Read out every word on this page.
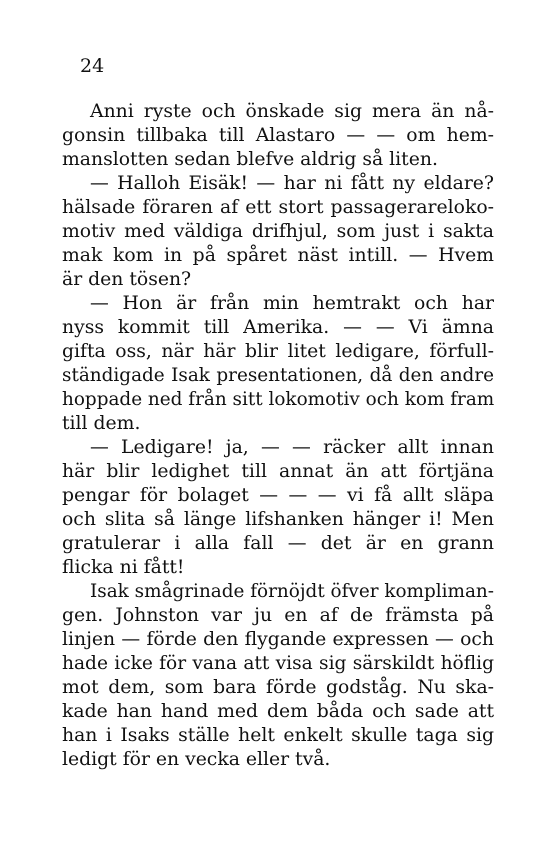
24
Anni ryste och önskade sig mera än nå-
gonsin tillbaka till Alastaro — — om hem-
manslotten sedan blefve aldrig så liten.
— Halloh Eisäk! — har ni fått ny eldare?
hälsade föraren af ett stort passagerareloko-
motiv med väldiga drifhjul, som just i sakta
mak kom in på spåret näst intill. — Hvem
är den tösen?
— Hon är från min hemtrakt och har
nyss kommit till Amerika. — — Vi ämna
gifta oss, när här blir litet ledigare, förfull-
ständigade Isak presentationen, då den andre
hoppade ned från sitt lokomotiv och kom fram
till dem.
— Ledigare! ja, — — räcker allt innan
här blir ledighet till annat än att förtjäna
pengar för bolaget — — — vi få allt släpa
och slita så länge lifshanken hänger i! Men
gratulerar i alla fall — det är en grann
flicka ni fått!
Isak smågrinade förnöjdt öfver kompliman-
gen. Johnston var ju en af de främsta på
linjen — förde den flygande expressen — och
hade icke för vana att visa sig särskildt höflig
mot dem, som bara förde godståg. Nu ska-
kade han hand med dem båda och sade att
han i Isaks ställe helt enkelt skulle taga sig
ledigt för en vecka eller två.
